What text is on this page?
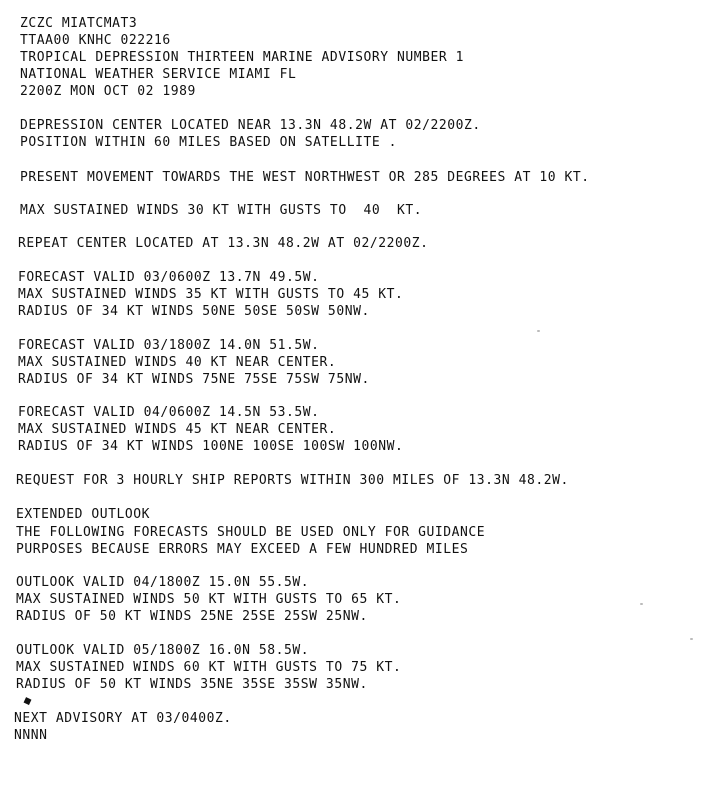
ZCZC MIATCMAT3
TTAA00 KNHC 022216
TROPICAL DEPRESSION THIRTEEN MARINE ADVISORY NUMBER 1
NATIONAL WEATHER SERVICE MIAMI FL
2200Z MON OCT 02 1989
DEPRESSION CENTER LOCATED NEAR 13.3N 48.2W AT 02/2200Z.
POSITION WITHIN 60 MILES BASED ON SATELLITE .
PRESENT MOVEMENT TOWARDS THE WEST NORTHWEST OR 285 DEGREES AT 10 KT.
MAX SUSTAINED WINDS 30 KT WITH GUSTS TO  40  KT.
REPEAT CENTER LOCATED AT 13.3N 48.2W AT 02/2200Z.
FORECAST VALID 03/0600Z 13.7N 49.5W.
MAX SUSTAINED WINDS 35 KT WITH GUSTS TO 45 KT.
RADIUS OF 34 KT WINDS 50NE 50SE 50SW 50NW.
FORECAST VALID 03/1800Z 14.0N 51.5W.
MAX SUSTAINED WINDS 40 KT NEAR CENTER.
RADIUS OF 34 KT WINDS 75NE 75SE 75SW 75NW.
FORECAST VALID 04/0600Z 14.5N 53.5W.
MAX SUSTAINED WINDS 45 KT NEAR CENTER.
RADIUS OF 34 KT WINDS 100NE 100SE 100SW 100NW.
REQUEST FOR 3 HOURLY SHIP REPORTS WITHIN 300 MILES OF 13.3N 48.2W.
EXTENDED OUTLOOK
THE FOLLOWING FORECASTS SHOULD BE USED ONLY FOR GUIDANCE
PURPOSES BECAUSE ERRORS MAY EXCEED A FEW HUNDRED MILES
OUTLOOK VALID 04/1800Z 15.0N 55.5W.
MAX SUSTAINED WINDS 50 KT WITH GUSTS TO 65 KT.
RADIUS OF 50 KT WINDS 25NE 25SE 25SW 25NW.
OUTLOOK VALID 05/1800Z 16.0N 58.5W.
MAX SUSTAINED WINDS 60 KT WITH GUSTS TO 75 KT.
RADIUS OF 50 KT WINDS 35NE 35SE 35SW 35NW.
◆
NEXT ADVISORY AT 03/0400Z.
NNNN
